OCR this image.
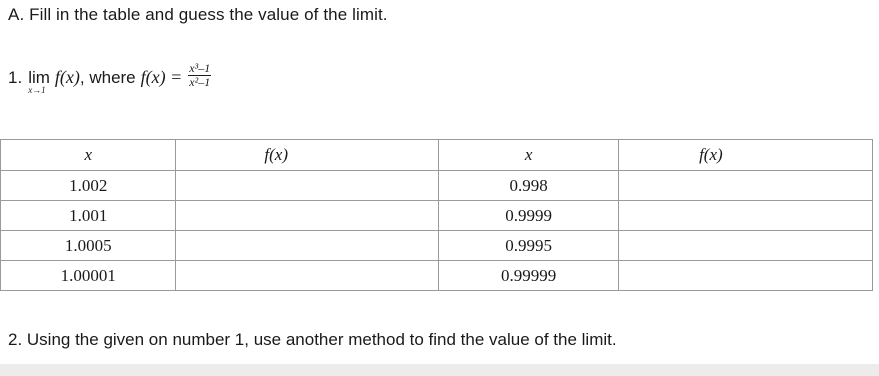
A. Fill in the table and guess the value of the limit.
1. lim
x→1
f(x) , where $f(x) = \frac{\text{x³–1}}{\text{x²–1}}$
x	f(x)	x	f(x)
1.002		0.998	
1.001		0.9999	
1.0005		0.9995	
1.00001		0.99999	
2. Using the given on number 1, use another method to find the value of the limit.
